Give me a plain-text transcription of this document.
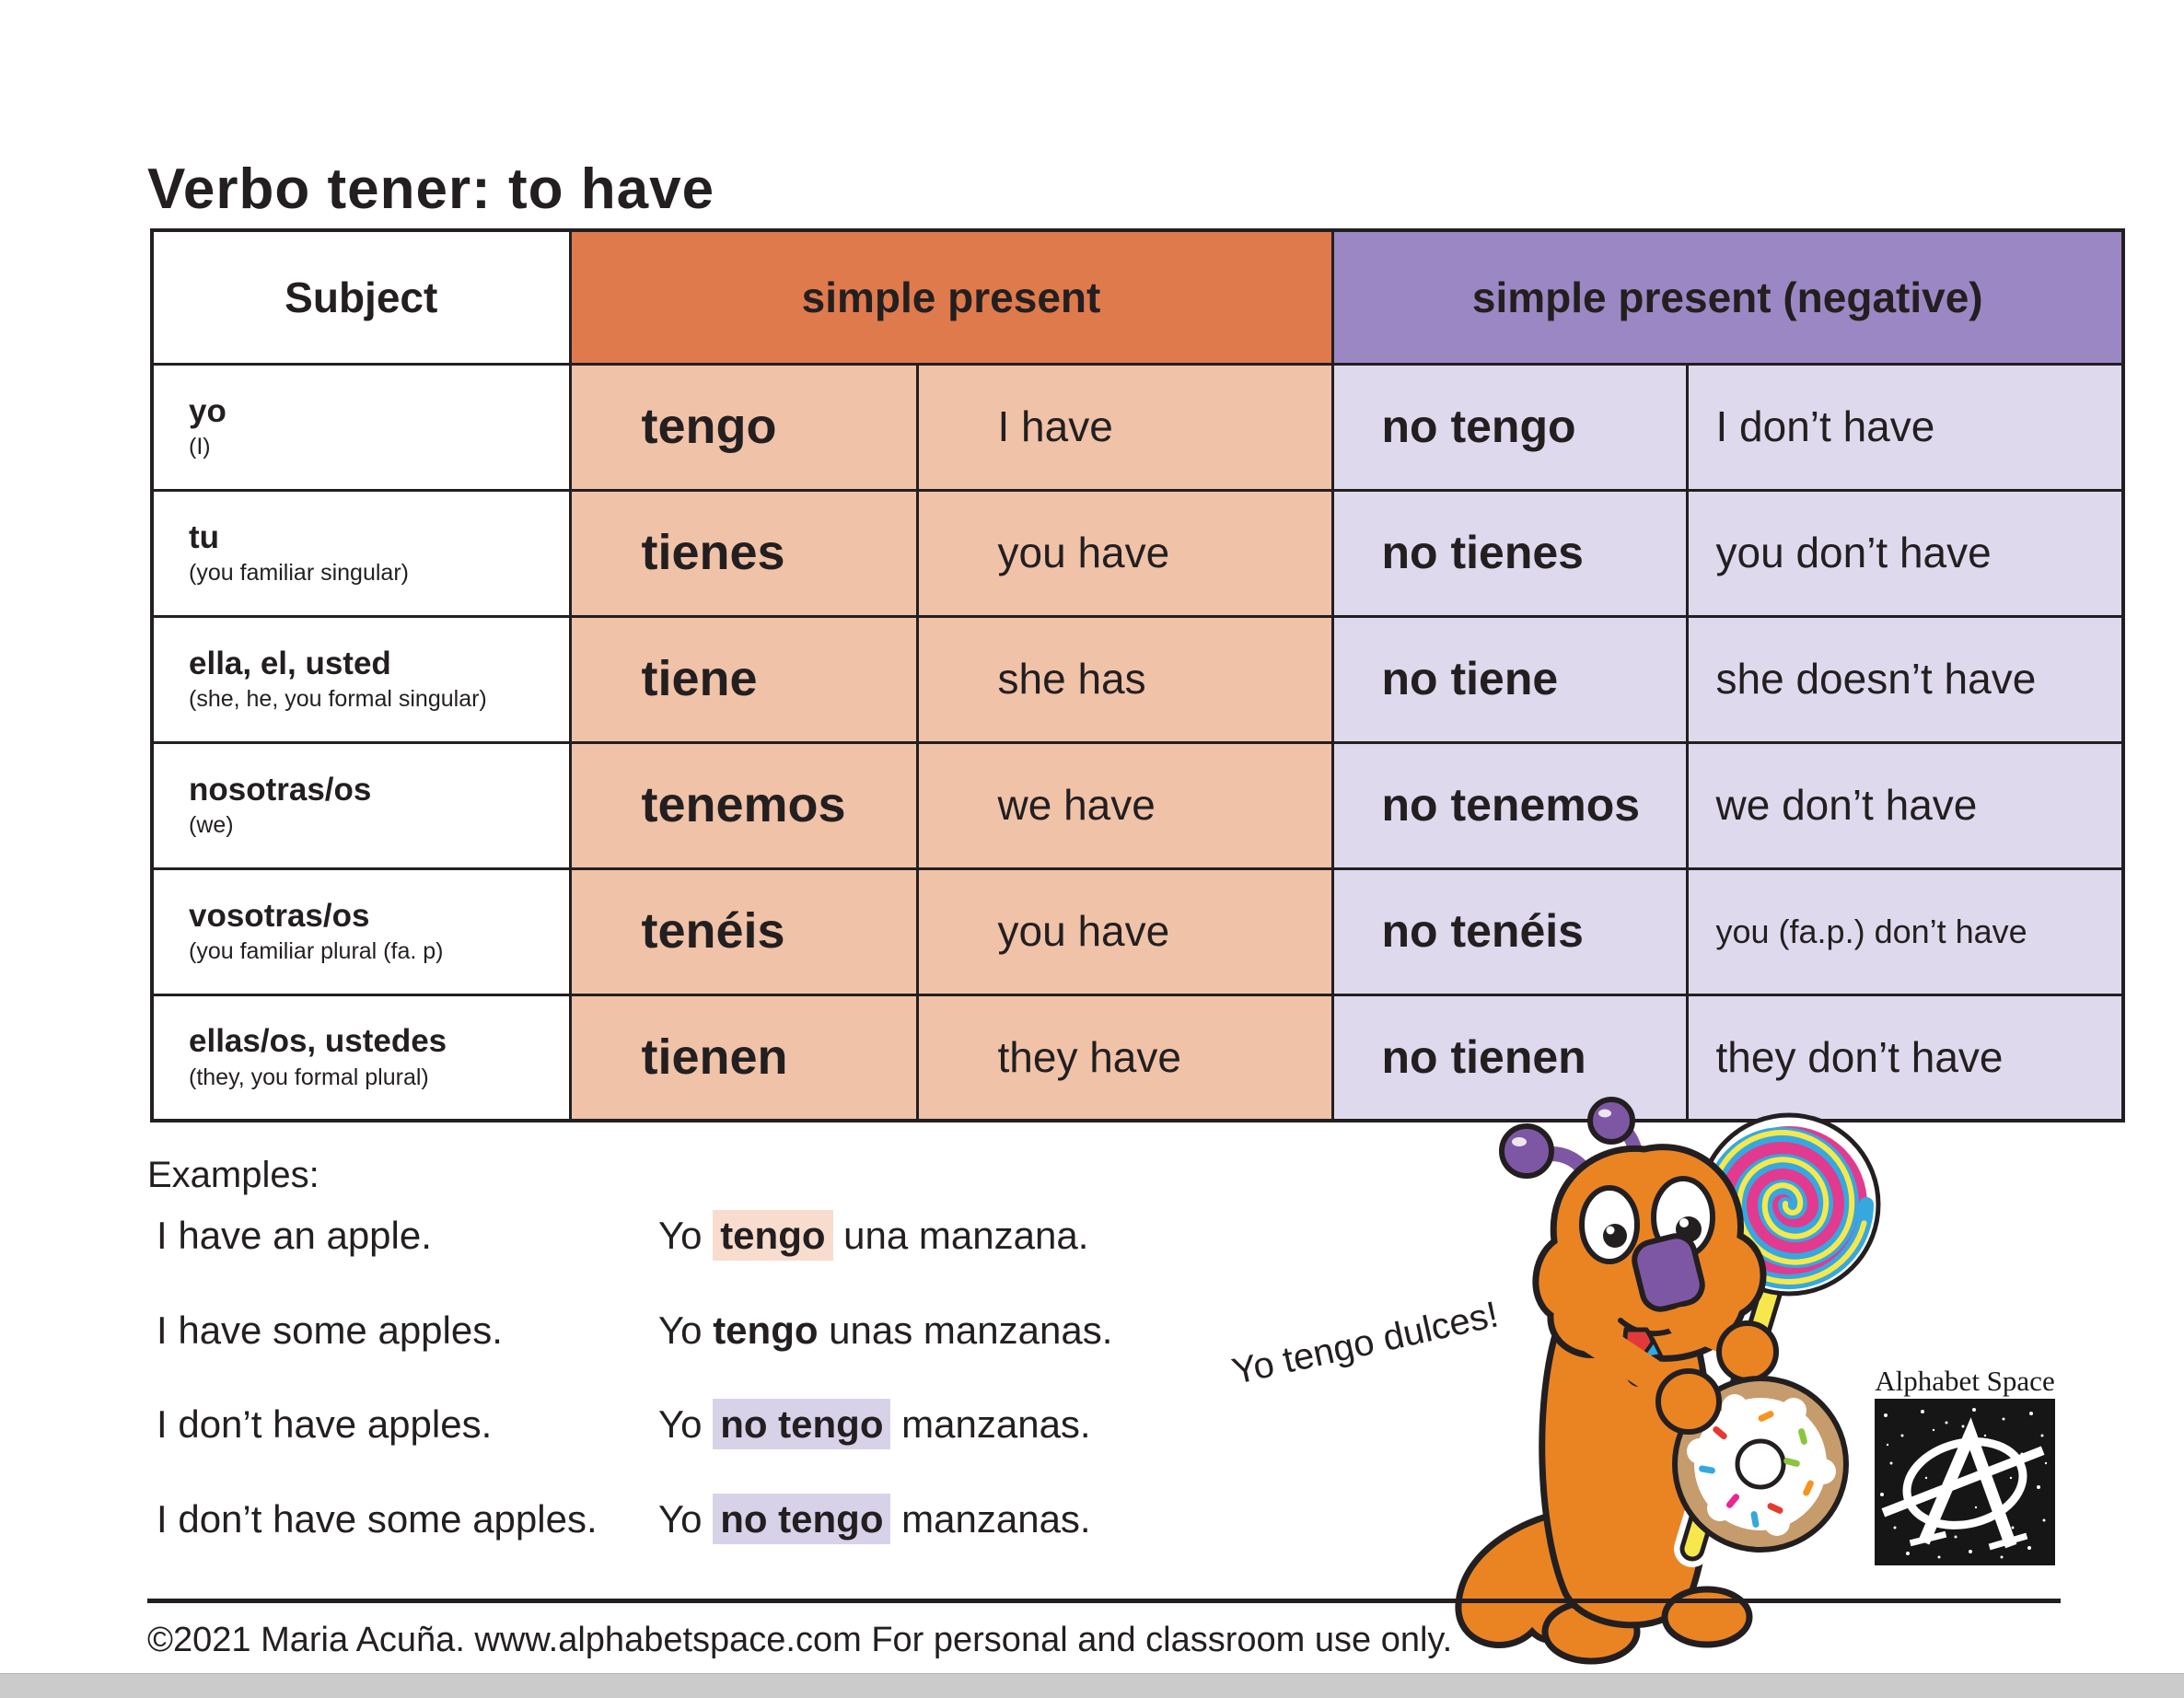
Verbo tener: to have
Subject	simple present		simple present (negative)	

yo
(I)	tengo	I have	no tengo	I don’t have

tu
(you familiar singular)	tienes	you have	no tienes	you don’t have

ella, el, usted
(she, he, you formal singular)	tiene	she has	no tiene	she doesn’t have

nosotras/os
(we)	tenemos	we have	no tenemos	we don’t have

vosotras/os
(you familiar plural (fa. p)	tenéis	you have	no tenéis	you (fa.p.) don’t have

ellas/os, ustedes
(they, you formal plural)	tienen	they have	no tienen	they don’t have
Examples:
I have an apple.	Yo tengo una manzana.
I have some apples.	Yo tengo unas manzanas.
I don’t have apples.	Yo no tengo manzanas.
I don’t have some apples. Yo no tengo manzanas.
Yo tengo dulces!	Alphabet Space
©2021 Maria Acuña. www.alphabetspace.com For personal and classroom use only.
